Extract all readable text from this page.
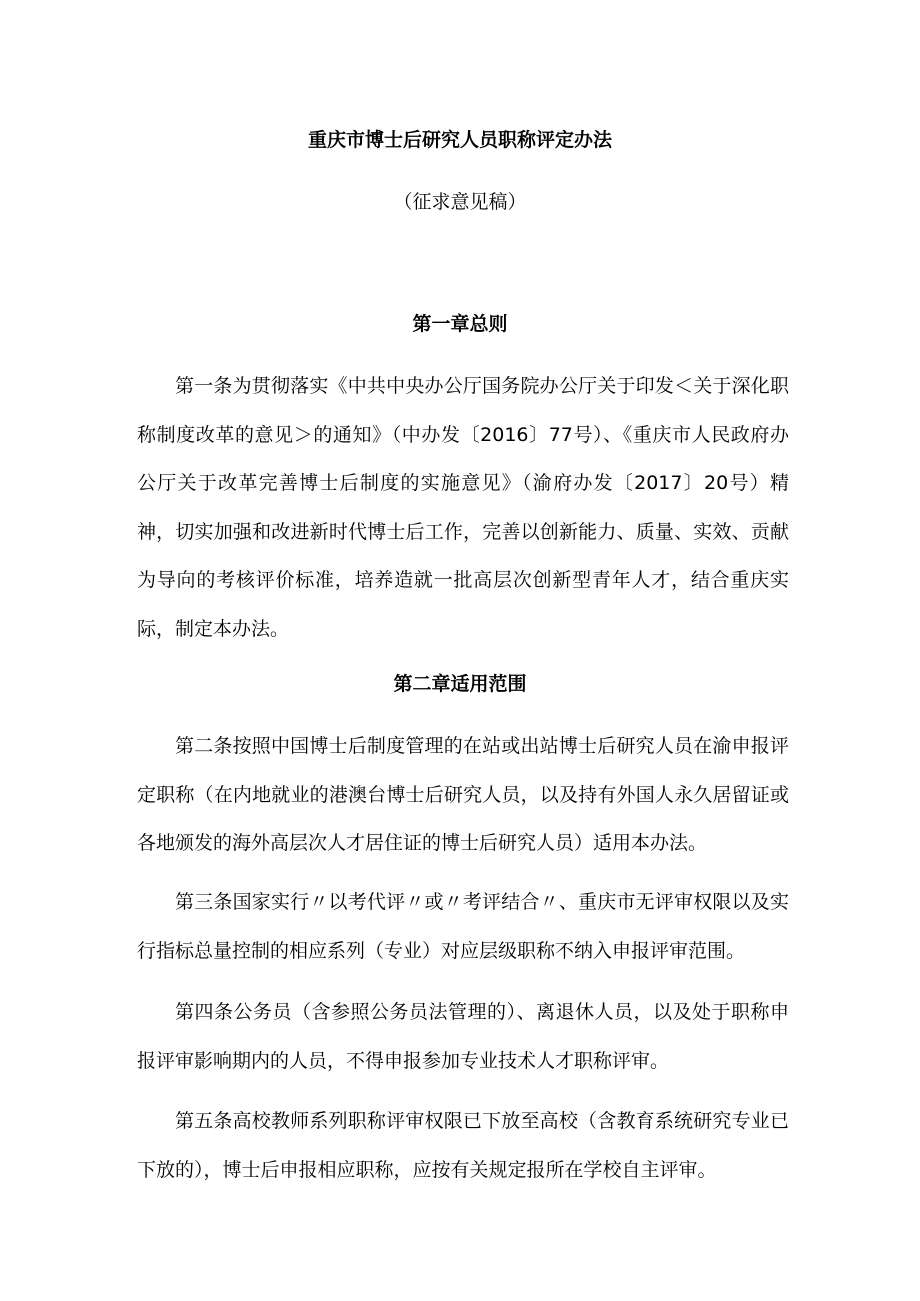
重庆市博士后研究人员职称评定办法

（征求意见稿）

第一章总则

第一条为贯彻落实《中共中央办公厅国务院办公厅关于印发＜关于深化职称制度改革的意见＞的通知》（中办发〔2016〕77号）、《重庆市人民政府办公厅关于改革完善博士后制度的实施意见》（渝府办发〔2017〕20号）精神，切实加强和改进新时代博士后工作，完善以创新能力、质量、实效、贡献为导向的考核评价标准，培养造就一批高层次创新型青年人才，结合重庆实际，制定本办法。

第二章适用范围

第二条按照中国博士后制度管理的在站或出站博士后研究人员在渝申报评定职称（在内地就业的港澳台博士后研究人员，以及持有外国人永久居留证或各地颁发的海外高层次人才居住证的博士后研究人员）适用本办法。

第三条国家实行〃以考代评〃或〃考评结合〃、重庆市无评审权限以及实行指标总量控制的相应系列（专业）对应层级职称不纳入申报评审范围。

第四条公务员（含参照公务员法管理的）、离退休人员，以及处于职称申报评审影响期内的人员，不得申报参加专业技术人才职称评审。

第五条高校教师系列职称评审权限已下放至高校（含教育系统研究专业已下放的），博士后申报相应职称，应按有关规定报所在学校自主评审。
